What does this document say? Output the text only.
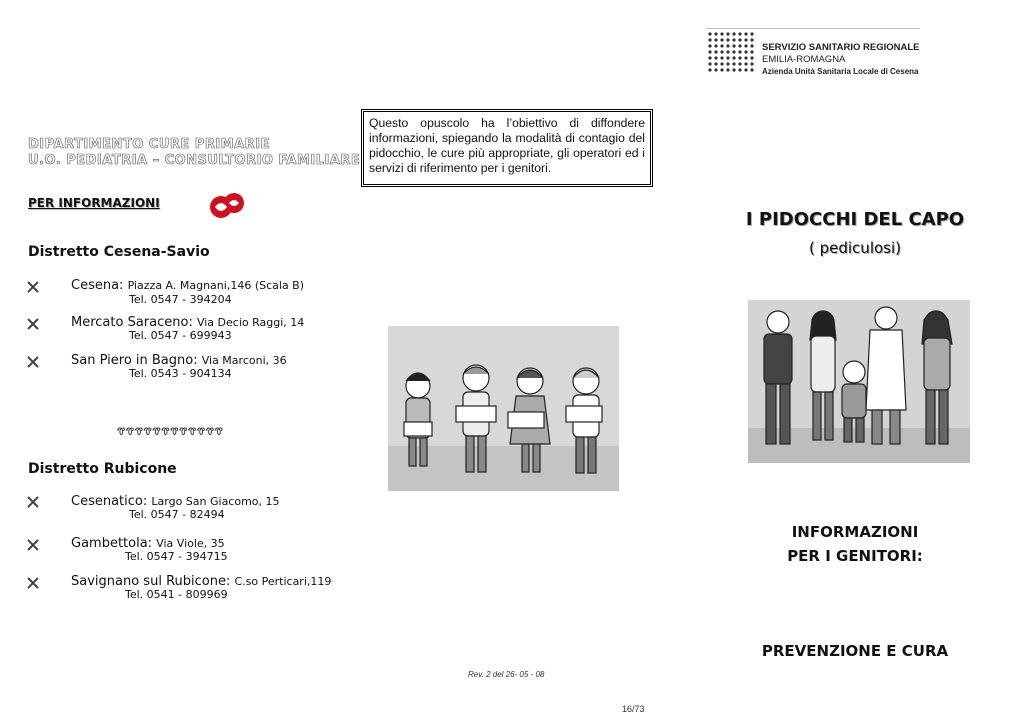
DIPARTIMENTO CURE PRIMARIE
U.O. PEDIATRIA – CONSULTORIO FAMILIARE
PER INFORMAZIONI
Distretto Cesena-Savio
Cesena: Piazza A. Magnani,146 (Scala B)
Tel. 0547 - 394204
Mercato Saraceno: Via Decio Raggi, 14
Tel. 0547 - 699943
San Piero in Bagno: Via Marconi, 36
Tel. 0543 - 904134
ᏡᏡᏡᏡᏡᏡᏡᏡᏡᏡᏡᏡ
Distretto Rubicone
Cesenatico: Largo San Giacomo, 15
Tel. 0547 - 82494
Gambettola: Via Viole, 35
Tel. 0547 - 394715
Savignano sul Rubicone: C.so Perticari,119
Tel. 0541 - 809969
Questo opuscolo ha l’obiettivo di diffondere informazioni, spiegando la modalità di contagio del pidocchio, le cure più appropriate, gli operatori ed i servizi di riferimento per i genitori.
Rev. 2 del 26- 05 - 08
16/73
SERVIZIO SANITARIO REGIONALE
EMILIA-ROMAGNA
Azienda Unità Sanitaria Locale di Cesena
I PIDOCCHI DEL CAPO
( pediculosi)
INFORMAZIONI
PER I GENITORI:
PREVENZIONE E CURA
